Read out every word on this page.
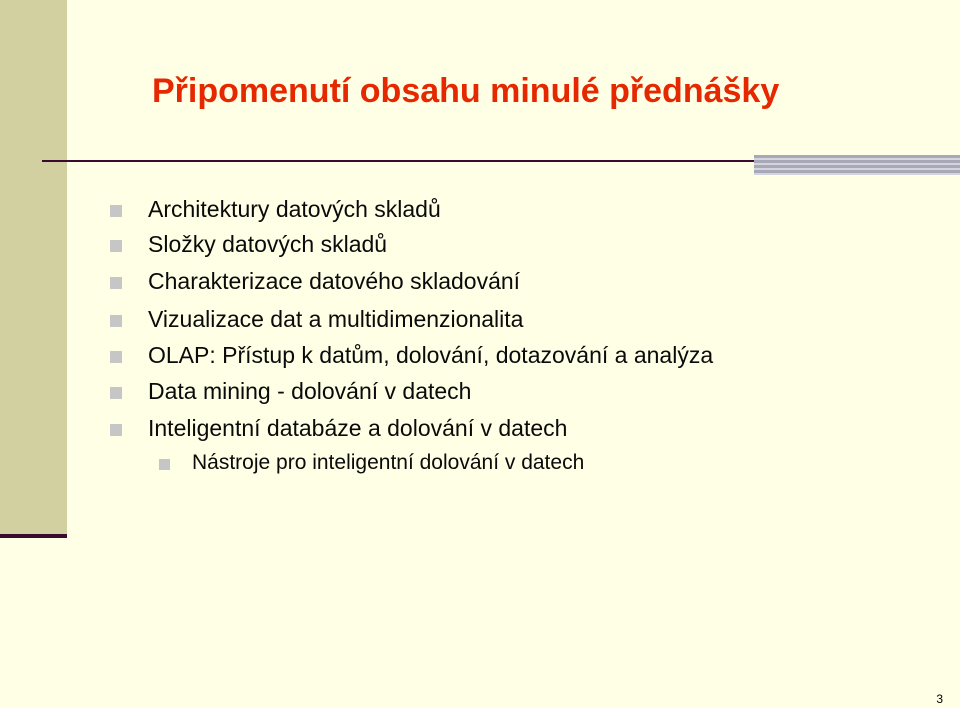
Připomenutí obsahu minulé přednášky
Architektury datových skladů
Složky datových skladů
Charakterizace datového skladování
Vizualizace dat a multidimenzionalita
OLAP: Přístup k datům, dolování, dotazování a analýza
Data mining - dolování v datech
Inteligentní databáze a dolování v datech
Nástroje pro inteligentní dolování v datech
3
